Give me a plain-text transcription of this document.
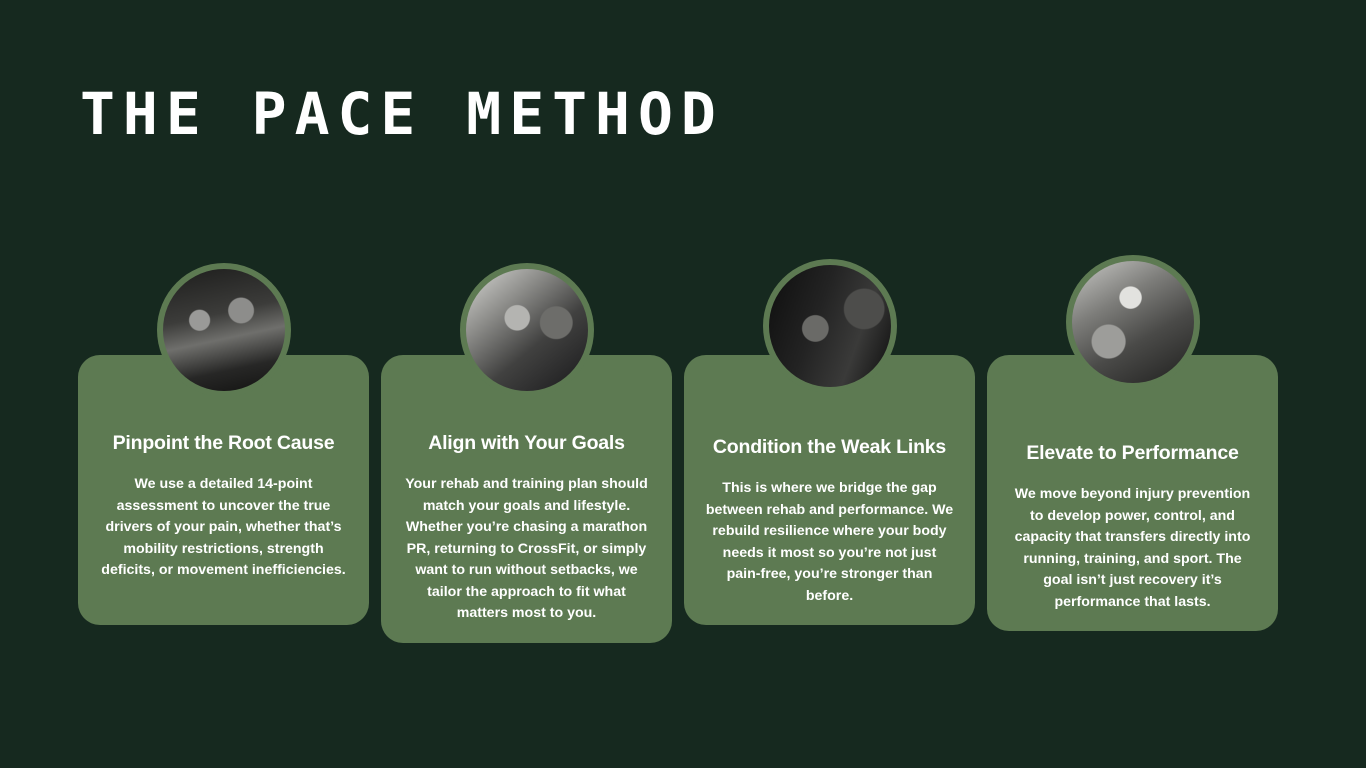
THE PACE METHOD
Pinpoint the Root Cause
We use a detailed 14-point assessment to uncover the true drivers of your pain, whether that’s mobility restrictions, strength deficits, or movement inefficiencies.
Align with Your Goals
Your rehab and training plan should match your goals and lifestyle. Whether you’re chasing a marathon PR, returning to CrossFit, or simply want to run without setbacks, we tailor the approach to fit what matters most to you.
Condition the Weak Links
This is where we bridge the gap between rehab and performance. We rebuild resilience where your body needs it most so you’re not just pain-free, you’re stronger than before.
Elevate to Performance
We move beyond injury prevention to develop power, control, and capacity that transfers directly into running, training, and sport. The goal isn’t just recovery it’s performance that lasts.
